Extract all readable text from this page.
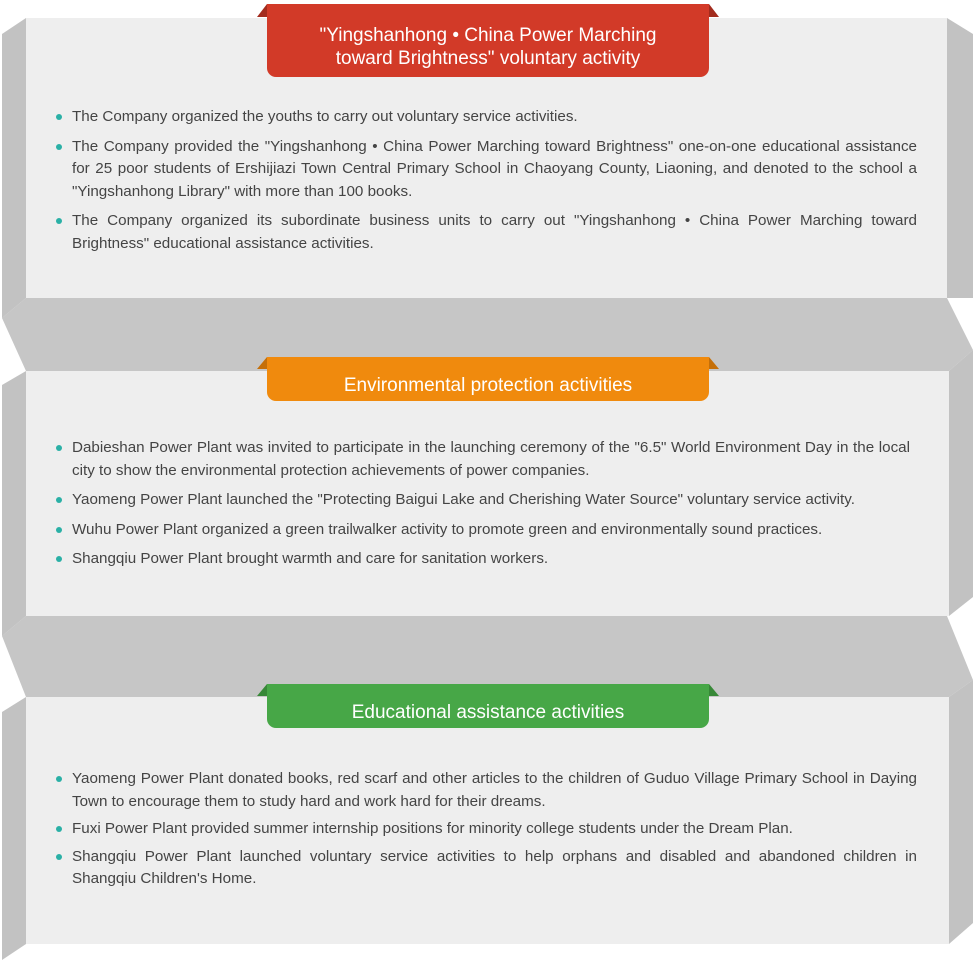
"Yingshanhong • China Power Marching
toward Brightness" voluntary activity
The Company organized the youths to carry out voluntary service activities.
The Company provided the "Yingshanhong • China Power Marching toward Brightness" one-on-one educational assistance for 25 poor students of Ershijiazi Town Central Primary School in Chaoyang County, Liaoning, and denoted to the school a "Yingshanhong Library" with more than 100 books.
The Company organized its subordinate business units to carry out "Yingshanhong • China Power Marching toward Brightness" educational assistance activities.
Environmental protection activities
Dabieshan Power Plant was invited to participate in the launching ceremony of the "6.5" World Environment Day in the local city to show the environmental protection achievements of power companies.
Yaomeng Power Plant launched the "Protecting Baigui Lake and Cherishing Water Source" voluntary service activity.
Wuhu Power Plant organized a green trailwalker activity to promote green and environmentally sound practices.
Shangqiu Power Plant brought warmth and care for sanitation workers.
Educational assistance activities
Yaomeng Power Plant donated books, red scarf and other articles to the children of Guduo Village Primary School in Daying Town to encourage them to study hard and work hard for their dreams.
Fuxi Power Plant provided summer internship positions for minority college students under the Dream Plan.
Shangqiu Power Plant launched voluntary service activities to help orphans and disabled and abandoned children in Shangqiu Children's Home.
